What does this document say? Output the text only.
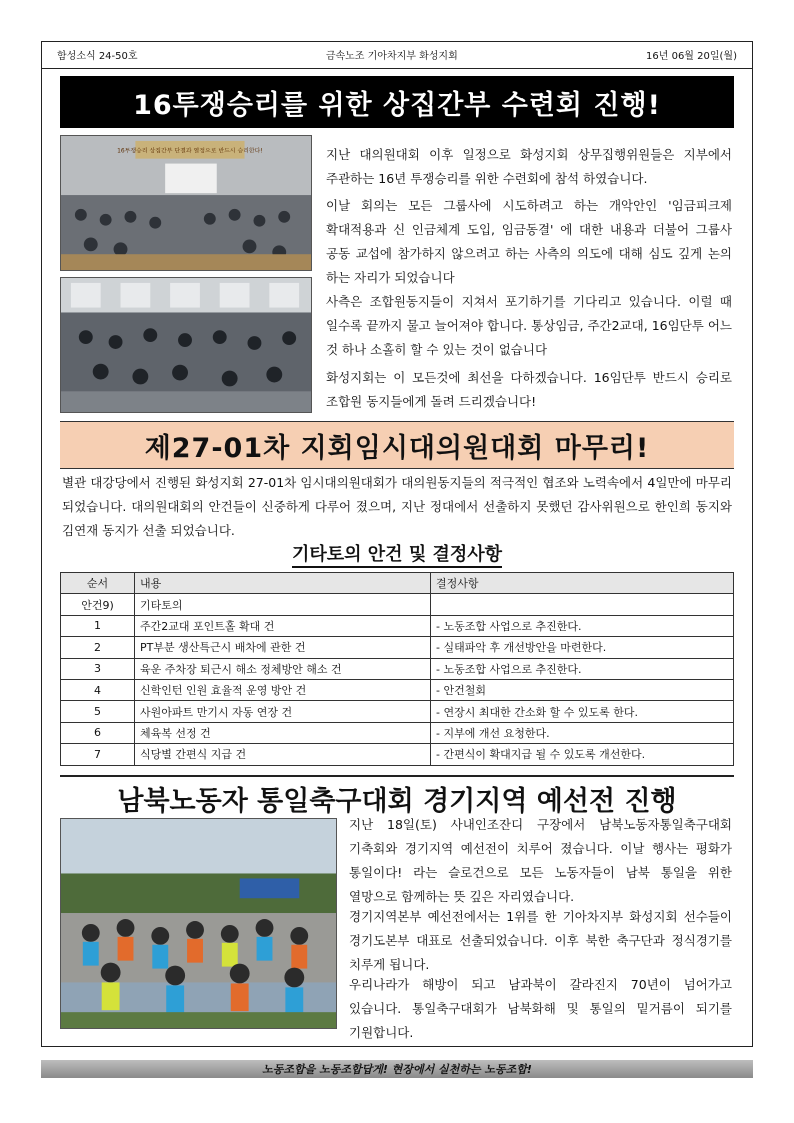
함성소식 24-50호	금속노조 기아차지부 화성지회	16년 06월 20일(월)
16투쟁승리를 위한 상집간부 수련회 진행!
16투쟁승리 상집간부 단결과 열정으로 반드시 승리한다!	지난 대의원대회 이후 일정으로 화성지회 상무집행위원들은 지부에서 주관하는 16년 투쟁승리를 위한 수련회에 참석 하였습니다.

이날 회의는 모든 그룹사에 시도하려고 하는 개악안인 '임금피크제 확대적용과 신 인금체계 도입, 임금동결' 에 대한 내용과 더불어 그룹사 공동 교섭에 참가하지 않으려고 하는 사측의 의도에 대해 심도 깊게 논의 하는 자리가 되었습니다

사측은 조합원동지들이 지쳐서 포기하기를 기다리고 있습니다. 이럴 때 일수록 끝까지 물고 늘어져야 합니다. 통상임금, 주간2교대, 16임단투 어느 것 하나 소홀히 할 수 있는 것이 없습니다

화성지회는 이 모든것에 최선을 다하겠습니다. 16임단투 반드시 승리로 조합원 동지들에게 돌려 드리겠습니다!

제27-01차 지회임시대의원대회 마무리!

별관 대강당에서 진행된 화성지회 27-01차 임시대의원대회가 대의원동지들의 적극적인 협조와 노력속에서 4일만에 마무리 되었습니다. 대의원대회의 안건들이 신중하게 다루어 졌으며, 지난 정대에서 선출하지 못했던 감사위원으로 한인희 동지와 김연재 동지가 선출 되었습니다.

기타토의 안건 및 결정사항
순서	내용	결정사항
안건9)	기타토의	
1	주간2교대 포인트홀 확대 건	- 노동조합 사업으로 추진한다.
2	PT부분 생산특근시 배차에 관한 건	- 실태파악 후 개선방안을 마련한다.
3	육운 주차장 퇴근시 해소 정체방안 해소 건	- 노동조합 사업으로 추진한다.
4	신학인턴 인원 효율적 운영 방안 건	- 안건철회
5	사원아파트 만기시 자동 연장 건	- 연장시 최대한 간소화 할 수 있도록 한다.
6	체육복 선정 건	- 지부에 개선 요청한다.
7	식당별 간편식 지급 건	- 간편식이 확대지급 될 수 있도록 개선한다.
남북노동자 통일축구대회 경기지역 예선전 진행

지난 18일(토) 사내인조잔디 구장에서 남북노동자통일축구대회 기축회와 경기지역 예선전이 치루어 졌습니다. 이날 행사는 평화가 통일이다! 라는 슬로건으로 모든 노동자들이 남북 통일을 위한 열망으로 함께하는 뜻 깊은 자리였습니다.

경기지역본부 예선전에서는 1위를 한 기아차지부 화성지회 선수들이 경기도본부 대표로 선출되었습니다. 이후 북한 축구단과 정식경기를 치루게 됩니다.

우리나라가 해방이 되고 남과북이 갈라진지 70년이 넘어가고 있습니다. 통일축구대회가 남북화해 및 통일의 밑거름이 되기를 기원합니다.

노동조합을 노동조합답게! 현장에서 실천하는 노동조합!
